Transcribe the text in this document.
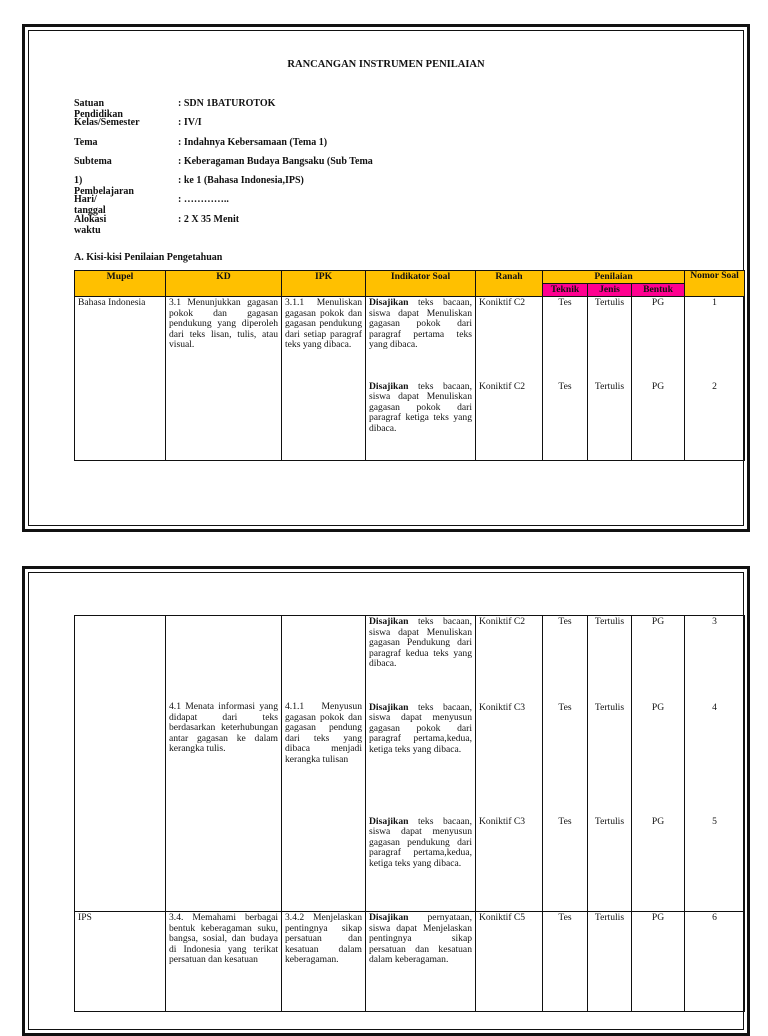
RANCANGAN INSTRUMEN PENILAIAN
Satuan Pendidikan
: SDN 1BATUROTOK
Kelas/Semester	: IV/I
Tema	: Indahnya Kebersamaan (Tema 1)
Subtema	: Keberagaman Budaya Bangsaku (Sub Tema
1) Pembelajaran
: ke 1 (Bahasa Indonesia,IPS)
Hari/ tanggal
: …………..
Alokasi waktu
: 2 X 35 Menit
A. Kisi-kisi Penilaian Pengetahuan
Mupel	KD	IPK	Indikator Soal	Ranah	Penilaian			Nomor Soal
					Teknik	Jenis	Bentuk	
Bahasa Indonesia	3.1 Menunjukkan gagasan pokok dan gagasan pendukung yang diperoleh dari teks lisan, tulis, atau visual.	3.1.1 Menuliskan gagasan pokok dan gagasan pendukung dari setiap paragraf teks yang dibaca.	Disajikan teks bacaan, siswa dapat Menuliskan gagasan pokok dari paragraf pertama teks yang dibaca.	Koniktif C2	Tes	Tertulis	PG	1

			Disajikan teks bacaan, siswa dapat Menuliskan gagasan pokok dari paragraf ketiga teks yang dibaca.	Koniktif C2	Tes	Tertulis	PG	2

	4.1 Menata informasi yang didapat dari teks berdasarkan keterhubungan antar gagasan ke dalam kerangka tulis.	4.1.1 Menyusun gagasan pokok dan gagasan pendung dari teks yang dibaca menjadi kerangka tulisan	Disajikan teks bacaan, siswa dapat Menuliskan gagasan Pendukung dari paragraf kedua teks yang dibaca.	Koniktif C2	Tes	Tertulis	PG	3

			Disajikan teks bacaan, siswa dapat menyusun gagasan pokok dari paragraf pertama,kedua, ketiga teks yang dibaca.	Koniktif C3	Tes	Tertulis	PG	4

			Disajikan teks bacaan, siswa dapat menyusun gagasan pendukung dari paragraf pertama,kedua, ketiga teks yang dibaca.	Koniktif C3	Tes	Tertulis	PG	5
IPS	3.4. Memahami berbagai bentuk keberagaman suku, bangsa, sosial, dan budaya di Indonesia yang terikat persatuan dan kesatuan	3.4.2 Menjelaskan pentingnya sikap persatuan dan kesatuan dalam keberagaman.	Disajikan pernyataan, siswa dapat Menjelaskan pentingnya sikap persatuan dan kesatuan dalam keberagaman.	Koniktif C5	Tes	Tertulis	PG	6
